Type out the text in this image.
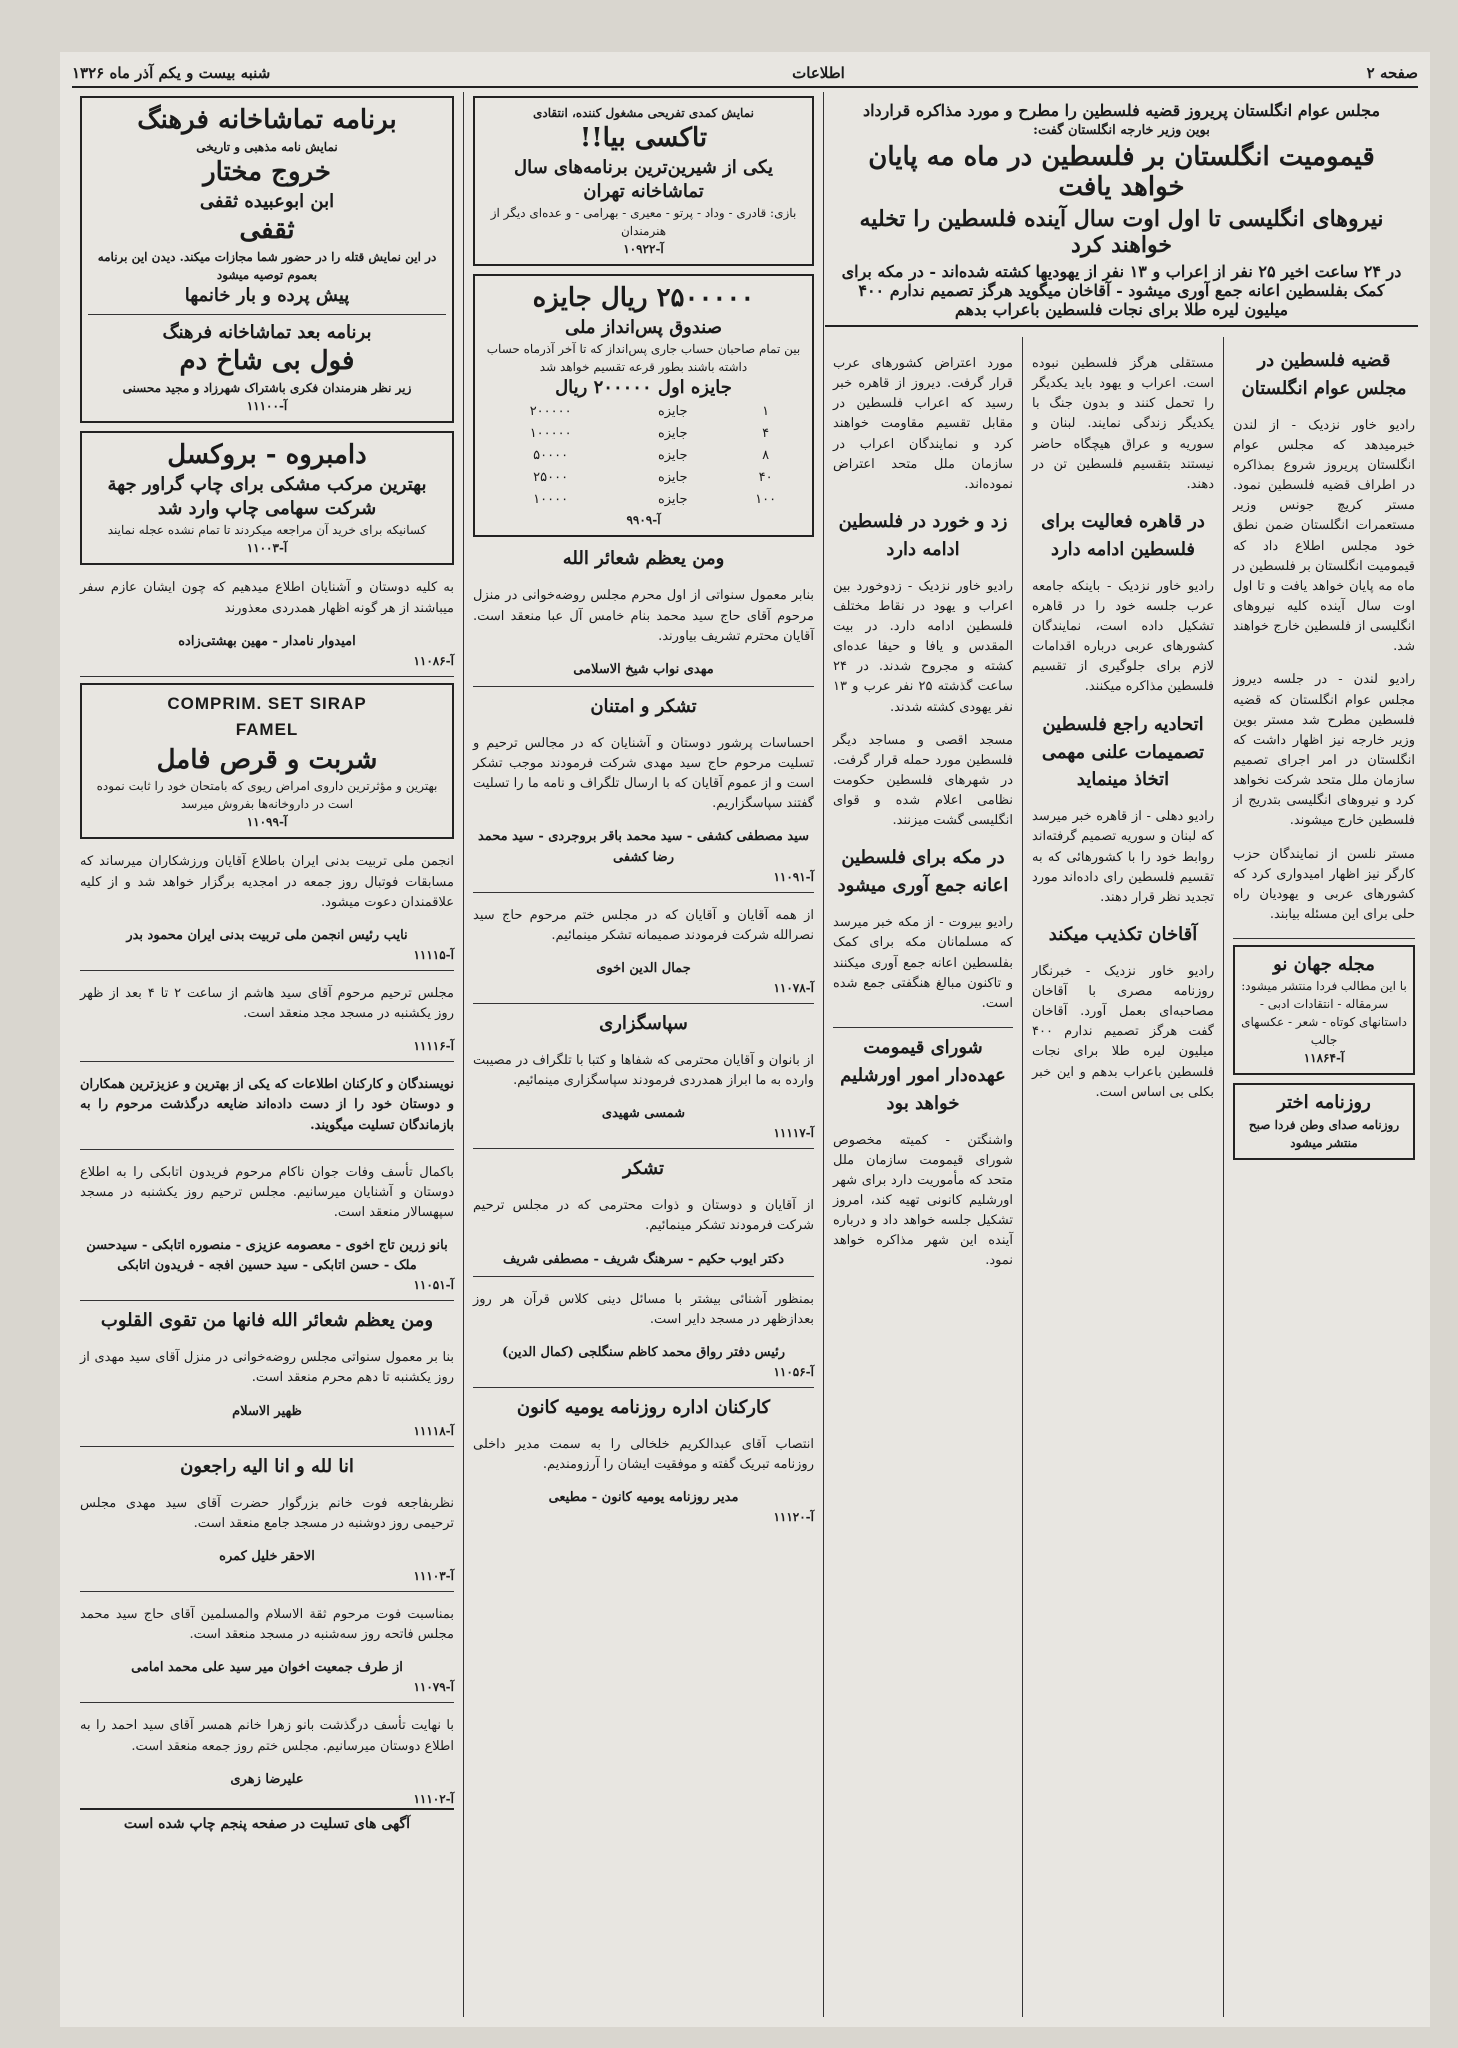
صفحه ۲
اطلاعات
شنبه بیست و یکم آذر ماه ۱۳۲۶
مجلس عوام انگلستان پریروز قضیه فلسطین را مطرح و مورد مذاکره قرارداد
بوین وزیر خارجه انگلستان گفت:
قیمومیت انگلستان بر فلسطین در ماه مه پایان خواهد یافت
نیروهای انگلیسی تا اول اوت سال آینده فلسطین را تخلیه خواهند کرد
در ۲۴ ساعت اخیر ۲۵ نفر از اعراب و ۱۳ نفر از یهودیها کشته شده‌اند - در مکه برای کمک بفلسطین اعانه جمع آوری میشود - آقاخان میگوید هرگز تصمیم ندارم ۴۰۰ میلیون لیره طلا برای نجات فلسطین باعراب بدهم
قضیه فلسطین در مجلس عوام انگلستان

رادیو خاور نزدیک - از لندن خبرمیدهد که مجلس عوام انگلستان پریروز شروع بمذاکره در اطراف قضیه فلسطین نمود. مستر کریچ جونس وزیر مستعمرات انگلستان ضمن نطق خود مجلس اطلاع داد که قیمومیت انگلستان بر فلسطین در ماه مه پایان خواهد یافت و تا اول اوت سال آینده کلیه نیروهای انگلیسی از فلسطین خارج خواهند شد.

رادیو لندن - در جلسه دیروز مجلس عوام انگلستان که قضیه فلسطین مطرح شد مستر بوین وزیر خارجه نیز اظهار داشت که انگلستان در امر اجرای تصمیم سازمان ملل متحد شرکت نخواهد کرد و نیروهای انگلیسی بتدریج از فلسطین خارج میشوند.

مستر نلسن از نمایندگان حزب کارگر نیز اظهار امیدواری کرد که کشورهای عربی و یهودیان راه حلی برای این مسئله بیابند.

مجله جهان نو
با این مطالب فردا منتشر میشود: سرمقاله - انتقادات ادبی - داستانهای کوتاه - شعر - عکسهای جالب
آ-۱۱۸۶۴
روزنامه اختر
روزنامه صدای وطن فردا صبح منتشر میشود

مستقلی هرگز فلسطین نبوده است. اعراب و یهود باید یکدیگر را تحمل کنند و بدون جنگ با یکدیگر زندگی نمایند. لبنان و سوریه و عراق هیچگاه حاضر نیستند بتقسیم فلسطین تن در دهند.

در قاهره فعالیت برای فلسطین ادامه دارد

رادیو خاور نزدیک - باینکه جامعه عرب جلسه خود را در قاهره تشکیل داده است، نمایندگان کشورهای عربی درباره اقدامات لازم برای جلوگیری از تقسیم فلسطین مذاکره میکنند.

اتحادیه راجع فلسطین تصمیمات علنی مهمی اتخاذ مینماید

رادیو دهلی - از قاهره خبر میرسد که لبنان و سوریه تصمیم گرفته‌اند روابط خود را با کشورهائی که به تقسیم فلسطین رای داده‌اند مورد تجدید نظر قرار دهند.

آقاخان تکذیب میکند

رادیو خاور نزدیک - خبرنگار روزنامه مصری با آقاخان مصاحبه‌ای بعمل آورد. آقاخان گفت هرگز تصمیم ندارم ۴۰۰ میلیون لیره طلا برای نجات فلسطین باعراب بدهم و این خبر بکلی بی اساس است.

مورد اعتراض کشورهای عرب قرار گرفت. دیروز از قاهره خبر رسید که اعراب فلسطین در مقابل تقسیم مقاومت خواهند کرد و نمایندگان اعراب در سازمان ملل متحد اعتراض نموده‌اند.

زد و خورد در فلسطین ادامه دارد

رادیو خاور نزدیک - زدوخورد بین اعراب و یهود در نقاط مختلف فلسطین ادامه دارد. در بیت المقدس و یافا و حیفا عده‌ای کشته و مجروح شدند. در ۲۴ ساعت گذشته ۲۵ نفر عرب و ۱۳ نفر یهودی کشته شدند.

مسجد اقصی و مساجد دیگر فلسطین مورد حمله قرار گرفت. در شهرهای فلسطین حکومت نظامی اعلام شده و قوای انگلیسی گشت میزنند.

در مکه برای فلسطین اعانه جمع آوری میشود

رادیو بیروت - از مکه خبر میرسد که مسلمانان مکه برای کمک بفلسطین اعانه جمع آوری میکنند و تاکنون مبالغ هنگفتی جمع شده است.

شورای قیمومت عهده‌دار امور اورشلیم خواهد بود

واشنگتن - کمیته مخصوص شورای قیمومت سازمان ملل متحد که مأموریت دارد برای شهر اورشلیم کانونی تهیه کند، امروز تشکیل جلسه خواهد داد و درباره آینده این شهر مذاکره خواهد نمود.

نمایش کمدی تفریحی مشغول کننده، انتقادی
تاکسی بیا!!
یکی از شیرین‌ترین برنامه‌های سال
تماشاخانه تهران
بازی: قادری - وداد - پرتو - معیری - بهرامی - و عده‌ای دیگر از هنرمندان
آ-۱۰۹۲۲
۲۵۰۰۰۰۰ ریال جایزه
صندوق پس‌انداز ملی
بین تمام صاحبان حساب جاری پس‌انداز که تا آخر آذرماه حساب داشته باشند بطور قرعه تقسیم خواهد شد
جایزه اول ۲۰۰۰۰۰ ریال
۱	جایزه	۲۰۰۰۰۰
۴	جایزه	۱۰۰۰۰۰
۸	جایزه	۵۰۰۰۰
۴۰	جایزه	۲۵۰۰۰
۱۰۰	جایزه	۱۰۰۰۰
آ-۹۹۰۹
ومن یعظم شعائر الله

بنابر معمول سنواتی از اول محرم مجلس روضه‌خوانی در منزل مرحوم آقای حاج سید محمد بنام خامس آل عبا منعقد است. آقایان محترم تشریف بیاورند.

مهدی نواب شیخ الاسلامی
تشکر و امتنان

احساسات پرشور دوستان و آشنایان که در مجالس ترحیم و تسلیت مرحوم حاج سید مهدی شرکت فرمودند موجب تشکر است و از عموم آقایان که با ارسال تلگراف و نامه ما را تسلیت گفتند سپاسگزاریم.

سید مصطفی کشفی - سید محمد باقر بروجردی - سید محمد رضا کشفی
آ-۱۱۰۹۱

از همه آقایان و آقایان که در مجلس ختم مرحوم حاج سید نصرالله شرکت فرمودند صمیمانه تشکر مینمائیم.

جمال الدین اخوی
آ-۱۱۰۷۸
سپاسگزاری

از بانوان و آقایان محترمی که شفاها و کتبا با تلگراف در مصیبت وارده به ما ابراز همدردی فرمودند سپاسگزاری مینمائیم.

شمسی شهیدی
آ-۱۱۱۱۷
تشکر

از آقایان و دوستان و ذوات محترمی که در مجلس ترحیم شرکت فرمودند تشکر مینمائیم.

دکتر ایوب حکیم - سرهنگ شریف - مصطفی شریف

بمنظور آشنائی بیشتر با مسائل دینی کلاس قرآن هر روز بعدازظهر در مسجد دایر است.

رئیس دفتر رواق محمد کاظم سنگلجی (کمال الدین)
آ-۱۱۰۵۶
کارکنان اداره روزنامه یومیه کانون

انتصاب آقای عبدالکریم خلخالی را به سمت مدیر داخلی روزنامه تبریک گفته و موفقیت ایشان را آرزومندیم.

مدیر روزنامه یومیه کانون - مطیعی
آ-۱۱۱۲۰
برنامه تماشاخانه فرهنگ
نمایش نامه مذهبی و تاریخی
خروج مختار
ابن ابوعبیده ثقفی
ثقفی
در این نمایش قتله را در حضور شما مجازات میکند. دیدن این برنامه بعموم توصیه میشود
پیش پرده و بار خانمها
برنامه بعد تماشاخانه فرهنگ
فول بی شاخ دم
زیر نظر هنرمندان فکری باشتراک شهرزاد و مجید محسنی
آ-۱۱۱۰۰
دامبروه - بروکسل
بهترین مرکب مشکی برای چاپ گراور جهة شرکت سهامی چاپ وارد شد
کسانیکه برای خرید آن مراجعه میکردند تا تمام نشده عجله نمایند
آ-۱۱۰۰۳

به کلیه دوستان و آشنایان اطلاع میدهیم که چون ایشان عازم سفر میباشند از هر گونه اظهار همدردی معذورند

امیدوار نامدار - مهین بهشتی‌زاده
آ-۱۱۰۸۶
COMPRIM. SET SIRAP
FAMEL
شربت و قرص فامل
بهترین و مؤثرترین داروی امراض ریوی که بامتحان خود را ثابت نموده است در داروخانه‌ها بفروش میرسد
آ-۱۱۰۹۹

انجمن ملی تربیت بدنی ایران باطلاع آقایان ورزشکاران میرساند که مسابقات فوتبال روز جمعه در امجدیه برگزار خواهد شد و از کلیه علاقمندان دعوت میشود.

نایب رئیس انجمن ملی تربیت بدنی ایران محمود بدر
آ-۱۱۱۱۵

مجلس ترحیم مرحوم آقای سید هاشم از ساعت ۲ تا ۴ بعد از ظهر روز یکشنبه در مسجد مجد منعقد است.

آ-۱۱۱۱۶

نویسندگان و کارکنان اطلاعات که یکی از بهترین و عزیزترین همکاران و دوستان خود را از دست داده‌اند ضایعه درگذشت مرحوم را به بازماندگان تسلیت میگویند.

باکمال تأسف وفات جوان ناکام مرحوم فریدون اتابکی را به اطلاع دوستان و آشنایان میرسانیم. مجلس ترحیم روز یکشنبه در مسجد سپهسالار منعقد است.

بانو زرین تاج اخوی - معصومه عزیزی - منصوره اتابکی - سیدحسن ملک - حسن اتابکی - سید حسین افجه - فریدون اتابکی
آ-۱۱۰۵۱
ومن یعظم شعائر الله فانها من تقوی القلوب

بنا بر معمول سنواتی مجلس روضه‌خوانی در منزل آقای سید مهدی از روز یکشنبه تا دهم محرم منعقد است.

ظهیر الاسلام
آ-۱۱۱۱۸
انا لله و انا الیه راجعون

نظربفاجعه فوت خانم بزرگوار حضرت آقای سید مهدی مجلس ترحیمی روز دوشنبه در مسجد جامع منعقد است.

الاحقر خلیل کمره
آ-۱۱۱۰۳

بمناسبت فوت مرحوم ثقة الاسلام والمسلمین آقای حاج سید محمد مجلس فاتحه روز سه‌شنبه در مسجد منعقد است.

از طرف جمعیت اخوان میر سید علی محمد امامی
آ-۱۱۰۷۹

با نهایت تأسف درگذشت بانو زهرا خانم همسر آقای سید احمد را به اطلاع دوستان میرسانیم. مجلس ختم روز جمعه منعقد است.

علیرضا زهری
آ-۱۱۱۰۲
آگهی های تسلیت در صفحه پنجم چاپ شده است
